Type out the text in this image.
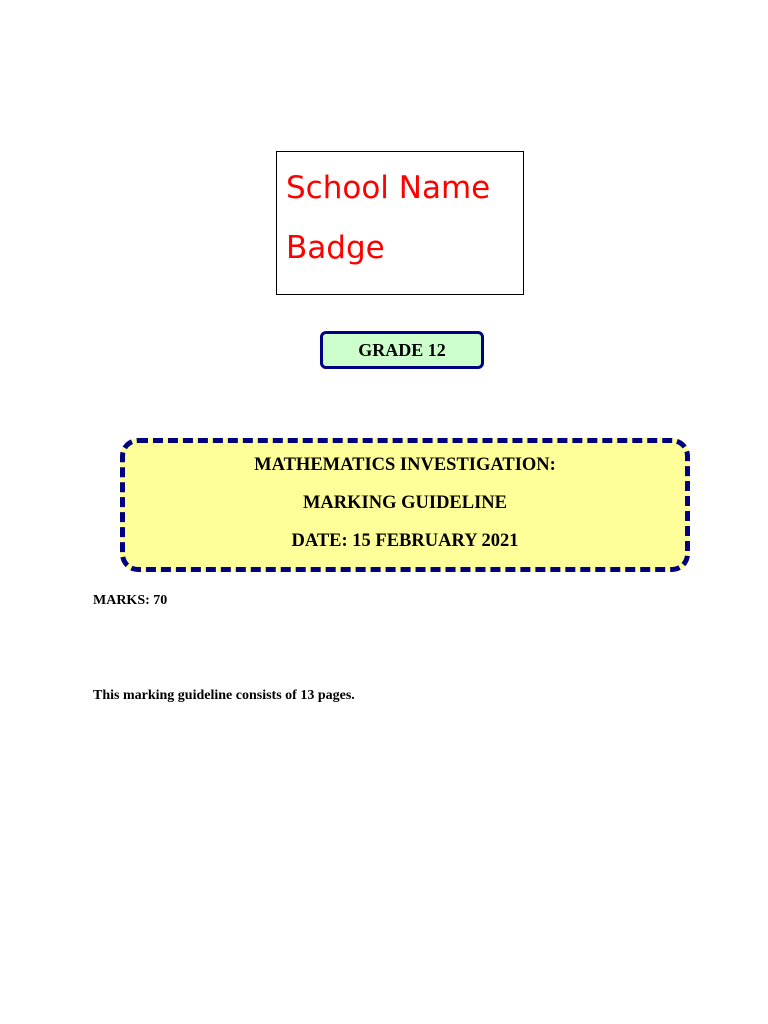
School Name
Badge
GRADE 12
MATHEMATICS INVESTIGATION:
MARKING GUIDELINE
DATE: 15 FEBRUARY 2021
MARKS: 70
This marking guideline consists of 13 pages.
